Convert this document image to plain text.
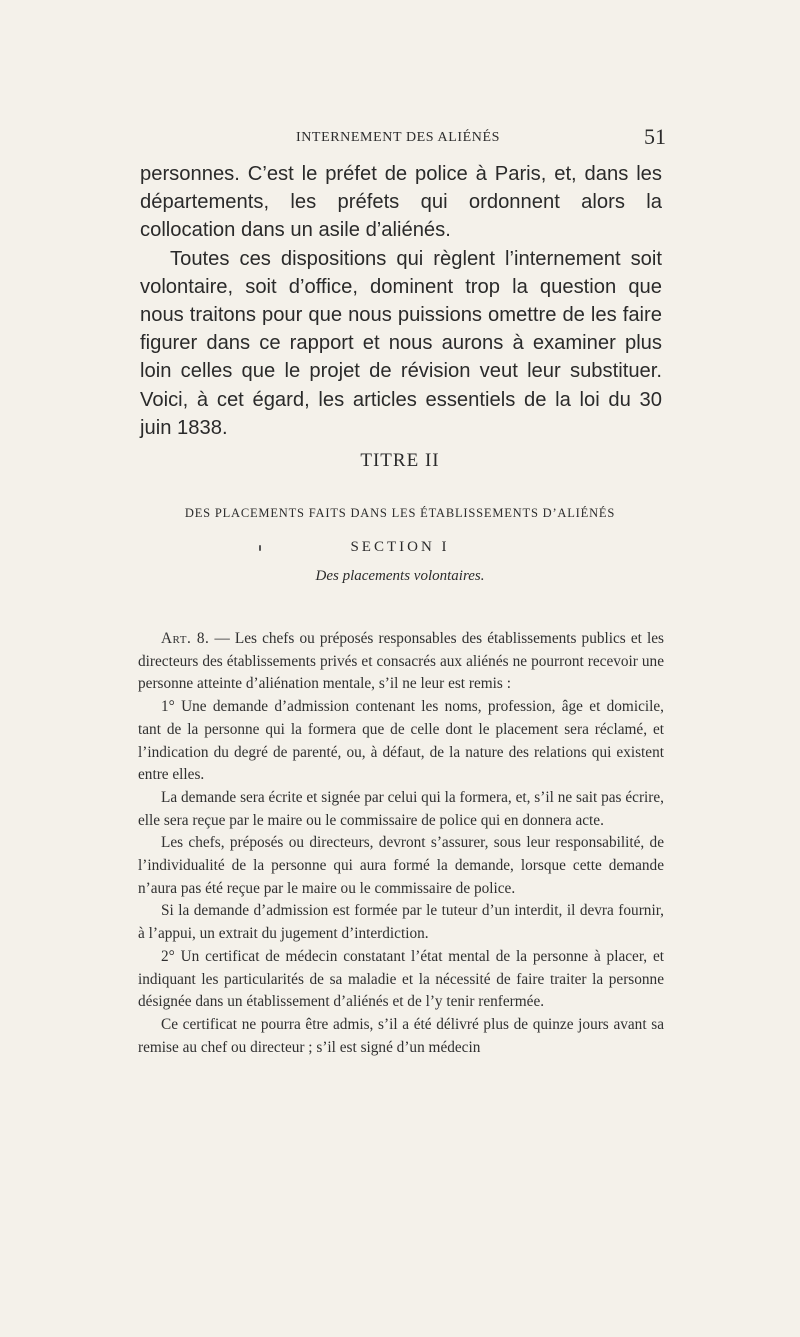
INTERNEMENT DES ALIÉNÉS	51

personnes. C’est le préfet de police à Paris, et, dans les départements, les préfets qui ordonnent alors la collocation dans un asile d’aliénés.

Toutes ces dispositions qui règlent l’internement soit volontaire, soit d’office, dominent trop la question que nous traitons pour que nous puissions omettre de les faire figurer dans ce rapport et nous aurons à examiner plus loin celles que le projet de révision veut leur substituer. Voici, à cet égard, les articles essentiels de la loi du 30 juin 1838.

TITRE II
DES PLACEMENTS FAITS DANS LES ÉTABLISSEMENTS D’ALIÉNÉS
SECTION I
Des placements volontaires.

Art. 8. — Les chefs ou préposés responsables des établissements publics et les directeurs des établissements privés et consacrés aux aliénés ne pourront recevoir une personne atteinte d’aliénation mentale, s’il ne leur est remis :

1° Une demande d’admission contenant les noms, profession, âge et domicile, tant de la personne qui la formera que de celle dont le placement sera réclamé, et l’indication du degré de parenté, ou, à défaut, de la nature des relations qui existent entre elles.

La demande sera écrite et signée par celui qui la formera, et, s’il ne sait pas écrire, elle sera reçue par le maire ou le commissaire de police qui en donnera acte.

Les chefs, préposés ou directeurs, devront s’assurer, sous leur responsabilité, de l’individualité de la personne qui aura formé la demande, lorsque cette demande n’aura pas été reçue par le maire ou le commissaire de police.

Si la demande d’admission est formée par le tuteur d’un interdit, il devra fournir, à l’appui, un extrait du jugement d’interdiction.

2° Un certificat de médecin constatant l’état mental de la personne à placer, et indiquant les particularités de sa maladie et la nécessité de faire traiter la personne désignée dans un établissement d’aliénés et de l’y tenir renfermée.

Ce certificat ne pourra être admis, s’il a été délivré plus de quinze jours avant sa remise au chef ou directeur ; s’il est signé d’un médecin
